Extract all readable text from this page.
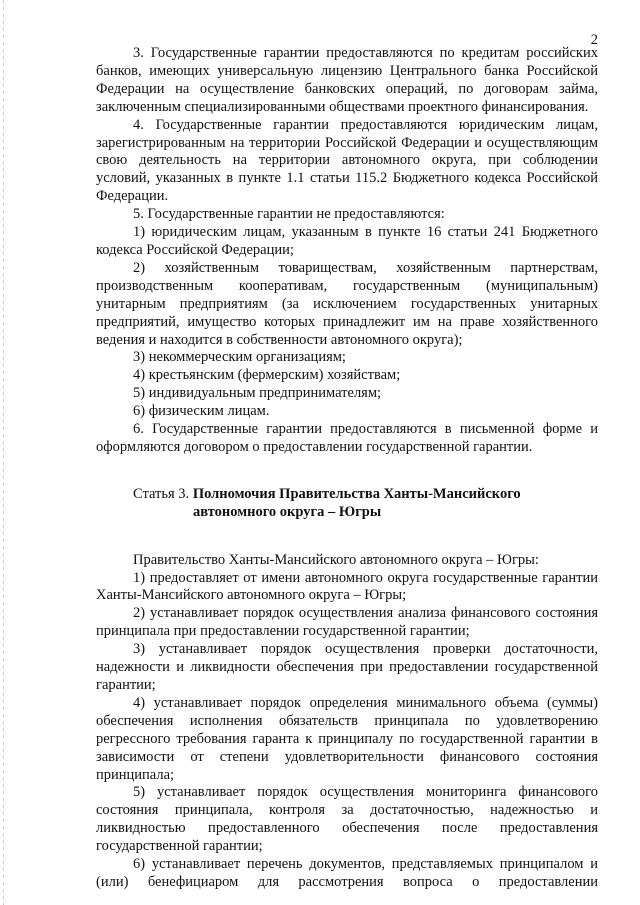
2

3. Государственные гарантии предоставляются по кредитам российских банков, имеющих универсальную лицензию Центрального банка Российской Федерации на осуществление банковских операций, по договорам займа, заключенным специализированными обществами проектного финансирования.

4. Государственные гарантии предоставляются юридическим лицам, зарегистрированным на территории Российской Федерации и осуществляющим свою деятельность на территории автономного округа, при соблюдении условий, указанных в пункте 1.1 статьи 115.2 Бюджетного кодекса Российской Федерации.

5. Государственные гарантии не предоставляются:

1) юридическим лицам, указанным в пункте 16 статьи 241 Бюджетного кодекса Российской Федерации;

2) хозяйственным товариществам, хозяйственным партнерствам, производственным кооперативам, государственным (муниципальным) унитарным предприятиям (за исключением государственных унитарных предприятий, имущество которых принадлежит им на праве хозяйственного ведения и находится в собственности автономного округа);

3) некоммерческим организациям;

4) крестьянским (фермерским) хозяйствам;

5) индивидуальным предпринимателям;

6) физическим лицам.

6. Государственные гарантии предоставляются в письменной форме и оформляются договором о предоставлении государственной гарантии.

Статья 3. Полномочия Правительства Ханты-Мансийского

автономного округа – Югры

Правительство Ханты-Мансийского автономного округа – Югры:

1) предоставляет от имени автономного округа государственные гарантии Ханты-Мансийского автономного округа – Югры;

2) устанавливает порядок осуществления анализа финансового состояния принципала при предоставлении государственной гарантии;

3) устанавливает порядок осуществления проверки достаточности, надежности и ликвидности обеспечения при предоставлении государственной гарантии;

4) устанавливает порядок определения минимального объема (суммы) обеспечения исполнения обязательств принципала по удовлетворению регрессного требования гаранта к принципалу по государственной гарантии в зависимости от степени удовлетворительности финансового состояния принципала;

5) устанавливает порядок осуществления мониторинга финансового состояния принципала, контроля за достаточностью, надежностью и ликвидностью предоставленного обеспечения после предоставления государственной гарантии;

6) устанавливает перечень документов, представляемых принципалом и (или) бенефициаром для рассмотрения вопроса о предоставлении
